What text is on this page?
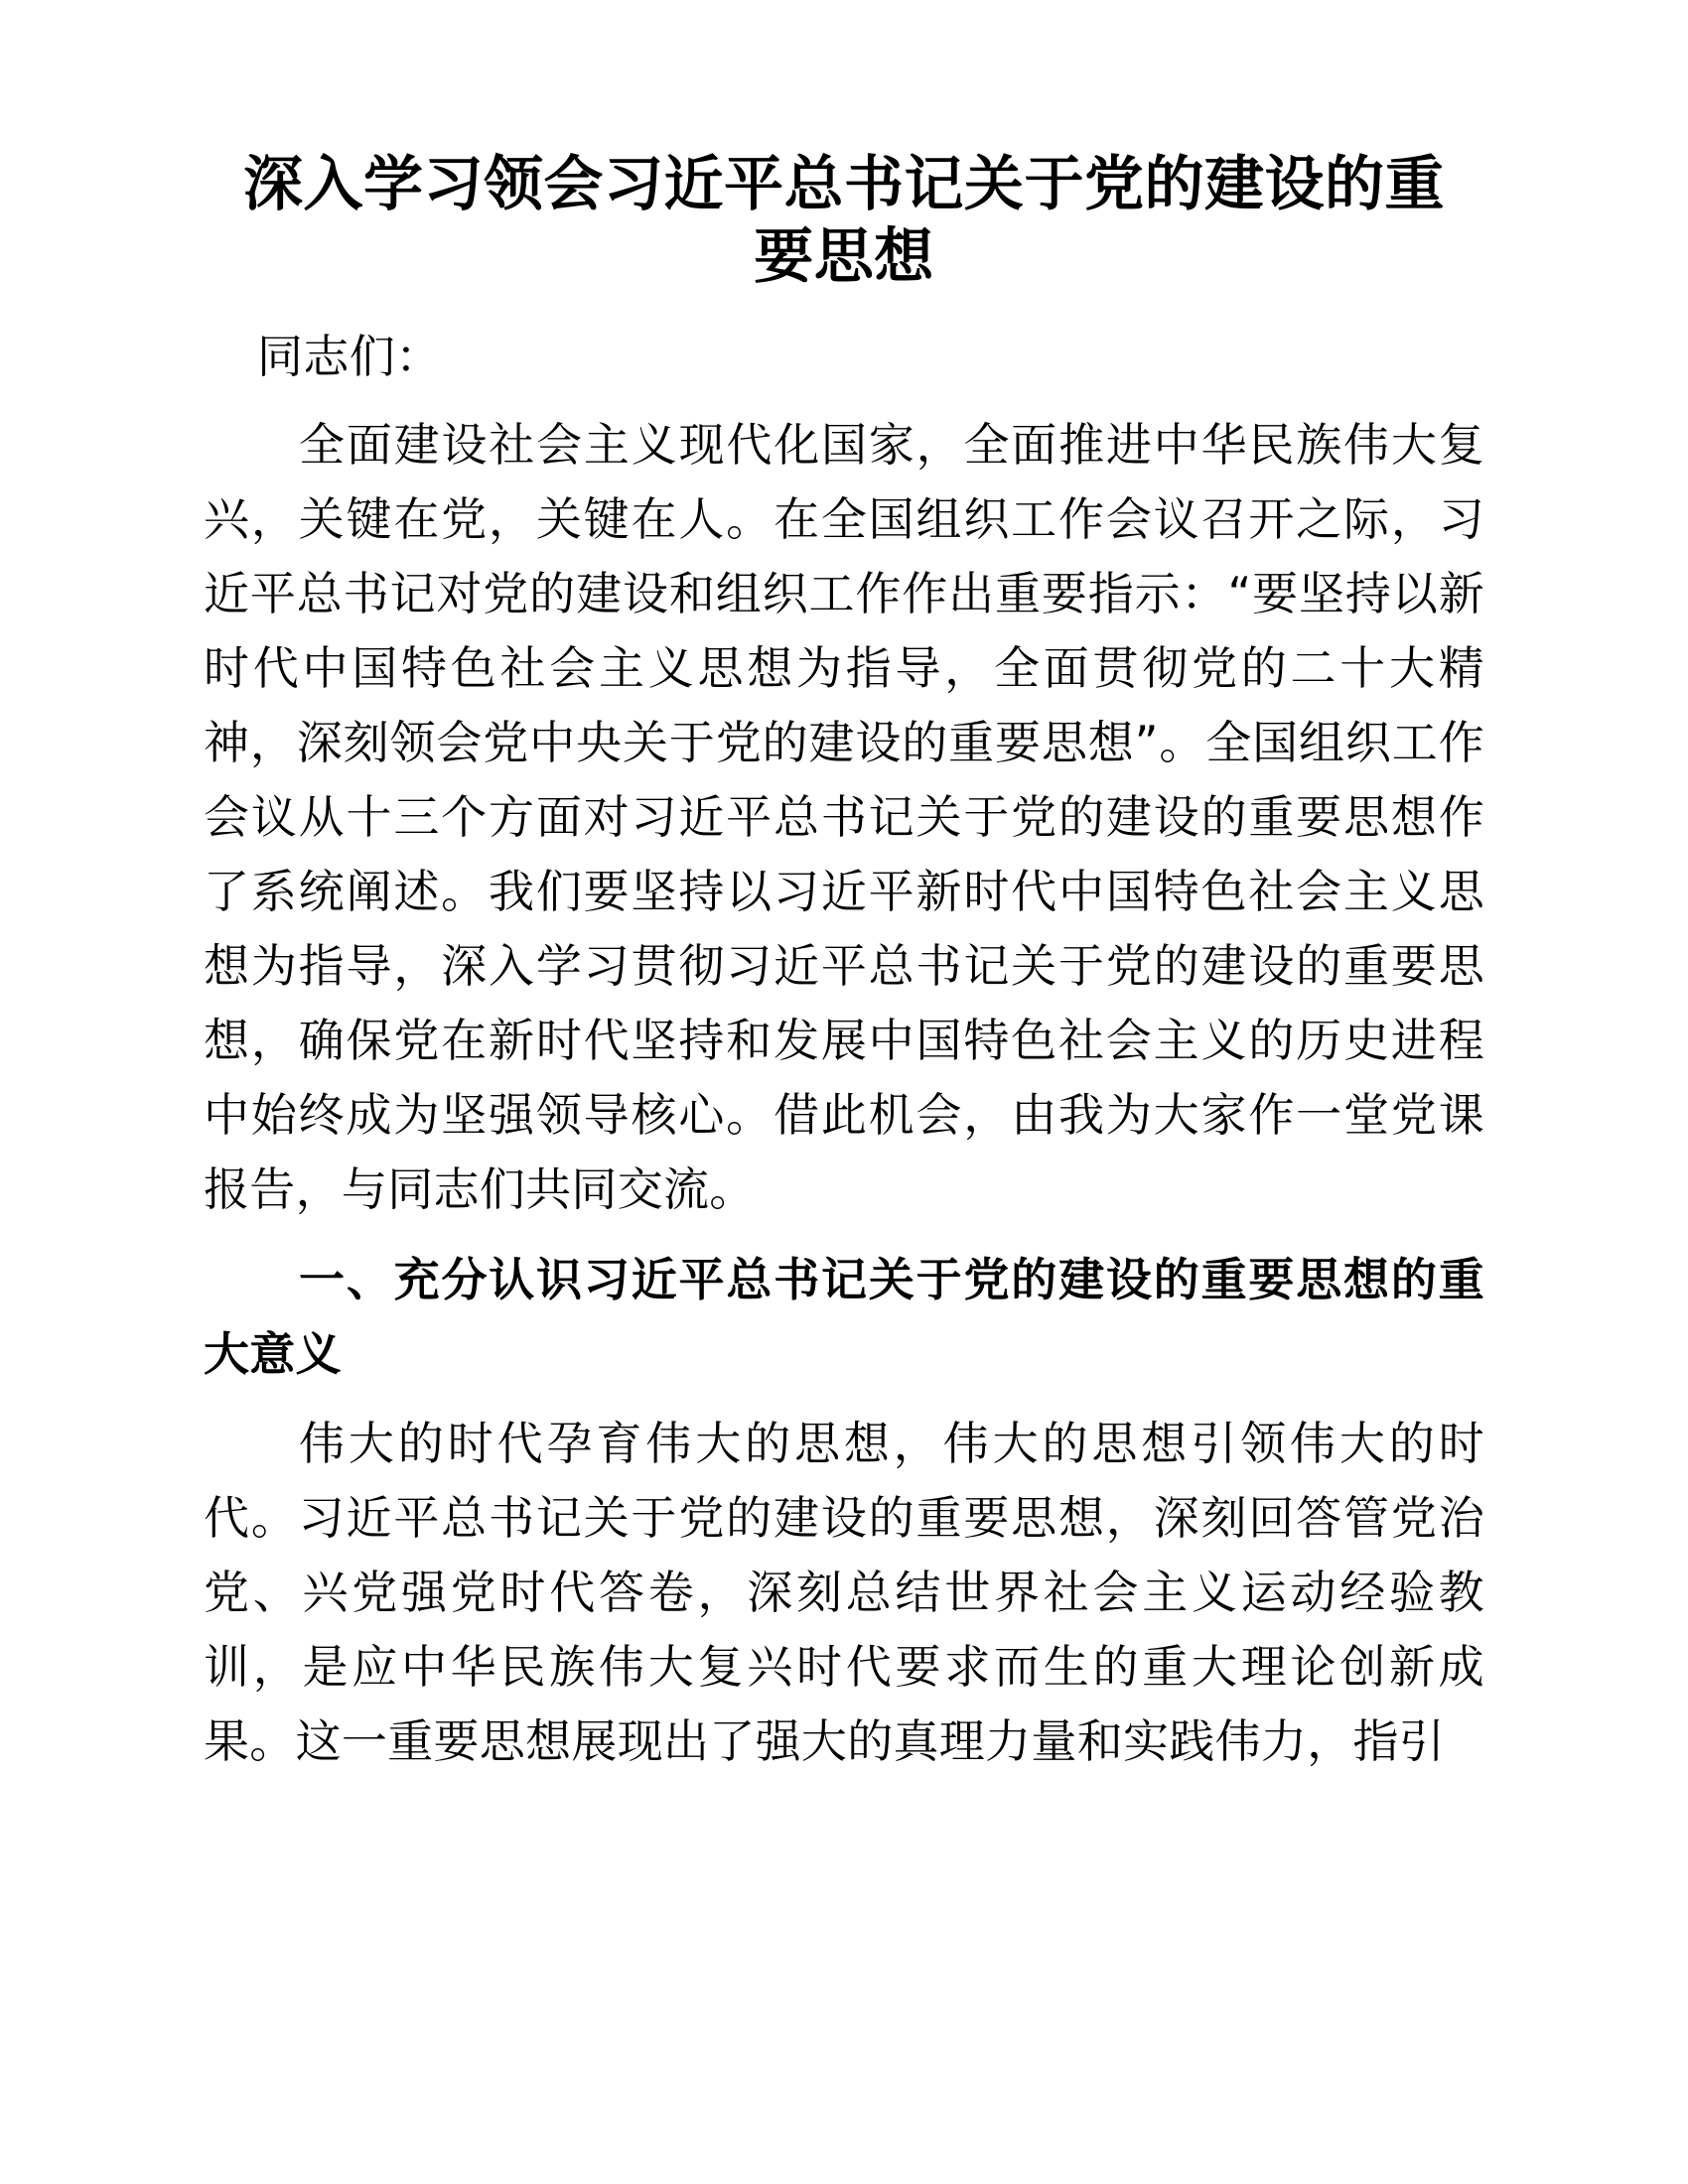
深入学习领会习近平总书记关于党的建设的重要思想

同志们：

全面建设社会主义现代化国家，全面推进中华民族伟大复兴，关键在党，关键在人。在全国组织工作会议召开之际，习近平总书记对党的建设和组织工作作出重要指示：“要坚持以新时代中国特色社会主义思想为指导，全面贯彻党的二十大精神，深刻领会党中央关于党的建设的重要思想”。全国组织工作会议从十三个方面对习近平总书记关于党的建设的重要思想作了系统阐述。我们要坚持以习近平新时代中国特色社会主义思想为指导，深入学习贯彻习近平总书记关于党的建设的重要思想，确保党在新时代坚持和发展中国特色社会主义的历史进程中始终成为坚强领导核心。借此机会，由我为大家作一堂党课报告，与同志们共同交流。

一、充分认识习近平总书记关于党的建设的重要思想的重大意义

伟大的时代孕育伟大的思想，伟大的思想引领伟大的时代。习近平总书记关于党的建设的重要思想，深刻回答管党治党、兴党强党时代答卷，深刻总结世界社会主义运动经验教训，是应中华民族伟大复兴时代要求而生的重大理论创新成果。这一重要思想展现出了强大的真理力量和实践伟力，指引
